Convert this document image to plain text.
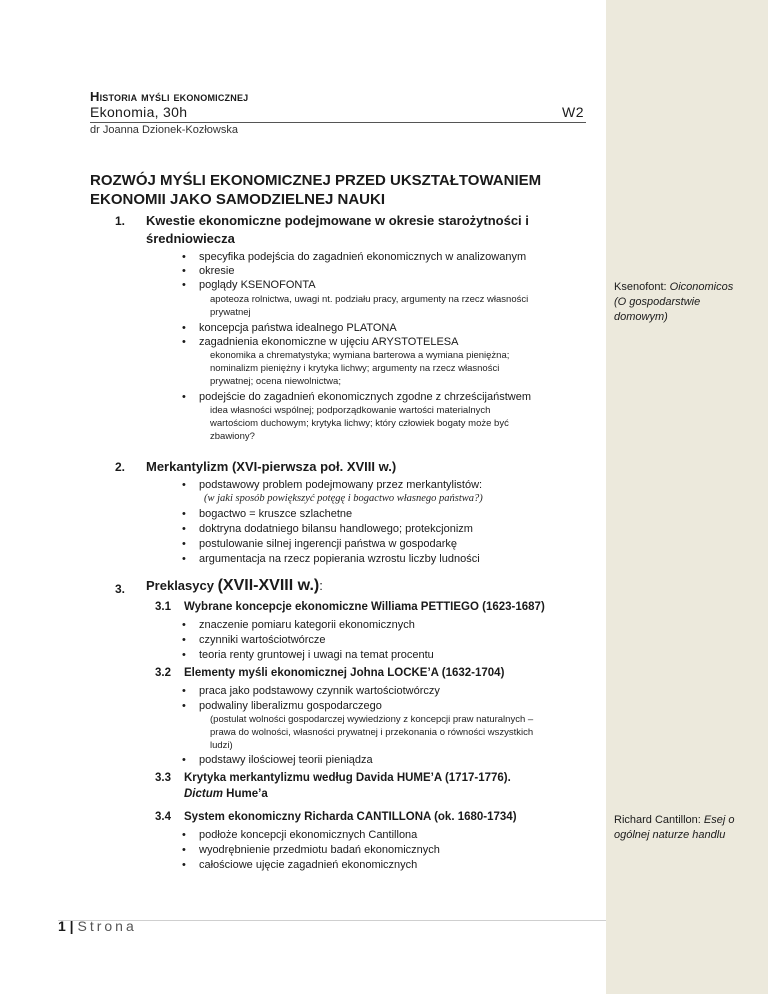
Historia myśli ekonomicznej
Ekonomia, 30h	W2
dr Joanna Dzionek-Kozłowska
ROZWÓJ MYŚLI EKONOMICZNEJ PRZED UKSZTAŁTOWANIEM EKONOMII JAKO SAMODZIELNEJ NAUKI
1. Kwestie ekonomiczne podejmowane w okresie starożytności i
średniowiecza
• specyfika podejścia do zagadnień ekonomicznych w analizowanym
• okresie
• poglądy KSENOFONTA
apoteoza rolnictwa, uwagi nt. podziału pracy, argumenty na rzecz własności
prywatnej
• koncepcja państwa idealnego PLATONA
• zagadnienia ekonomiczne w ujęciu ARYSTOTELESA
ekonomika a chrematystyka; wymiana barterowa a wymiana pieniężna;
nominalizm pieniężny i krytyka lichwy; argumenty na rzecz własności
prywatnej; ocena niewolnictwa;
• podejście do zagadnień ekonomicznych zgodne z chrześcijaństwem
idea własności wspólnej; podporządkowanie wartości materialnych
wartościom duchowym; krytyka lichwy; który człowiek bogaty może być
zbawiony?
2. Merkantylizm (XVI-pierwsza poł. XVIII w.)
• podstawowy problem podejmowany przez merkantylistów:
(w jaki sposób powiększyć potęgę i bogactwo własnego państwa?)
• bogactwo = kruszce szlachetne
• doktryna dodatniego bilansu handlowego; protekcjonizm
• postulowanie silnej ingerencji państwa w gospodarkę
• argumentacja na rzecz popierania wzrostu liczby ludności
3. Preklasycy (XVII-XVIII w.):
3.1 Wybrane koncepcje ekonomiczne Williama PETTIEGO (1623-1687)
• znaczenie pomiaru kategorii ekonomicznych
• czynniki wartościotwórcze
• teoria renty gruntowej i uwagi na temat procentu
3.2 Elementy myśli ekonomicznej Johna LOCKE’A (1632-1704)
• praca jako podstawowy czynnik wartościotwórczy
• podwaliny liberalizmu gospodarczego
(postulat wolności gospodarczej wywiedziony z koncepcji praw naturalnych –
prawa do wolności, własności prywatnej i przekonania o równości wszystkich
ludzi)
• podstawy ilościowej teorii pieniądza
3.3 Krytyka merkantylizmu według Davida HUME’A (1717-1776).
Dictum Hume’a
3.4 System ekonomiczny Richarda CANTILLONA (ok. 1680-1734)
• podłoże koncepcji ekonomicznych Cantillona
• wyodrębnienie przedmiotu badań ekonomicznych
• całościowe ujęcie zagadnień ekonomicznych
Ksenofont: Oiconomicos
(O gospodarstwie
domowym)
Richard Cantillon: Esej o
ogólnej naturze handlu
1 | Strona
